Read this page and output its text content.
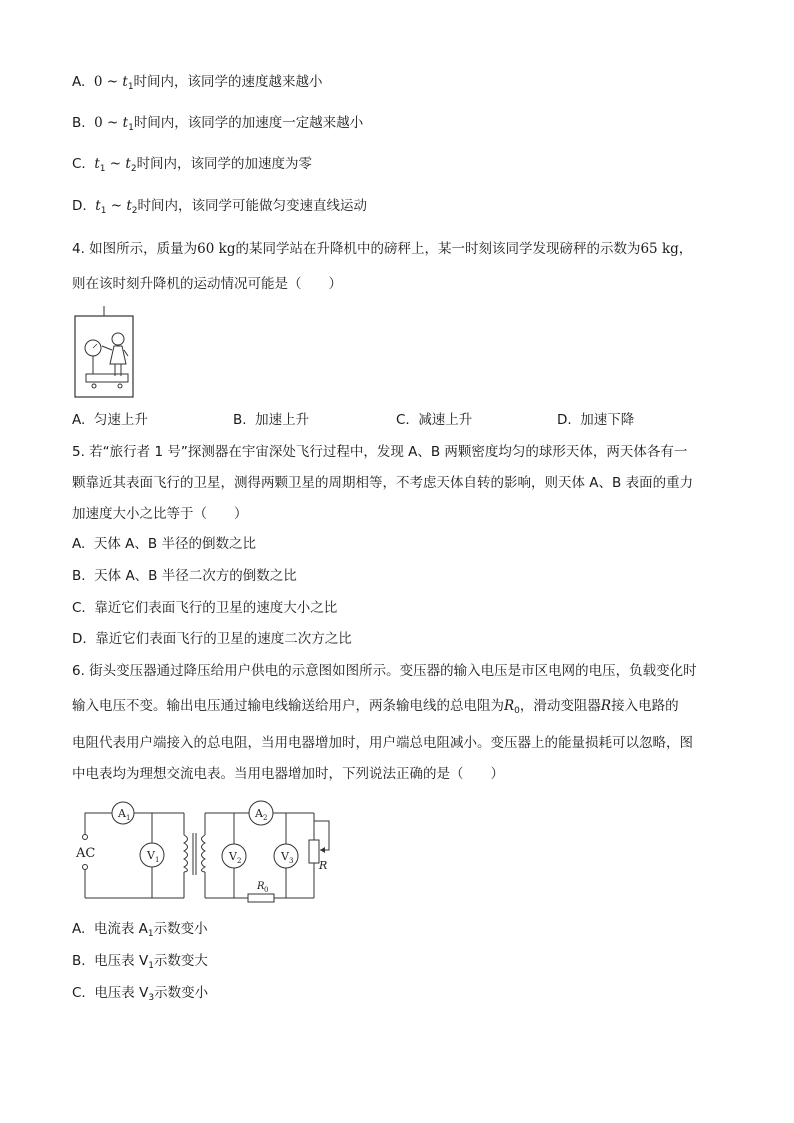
A. 0 ~ $t_1$时间内，该同学的速度越来越小
B. 0 ~ $t_1$时间内，该同学的加速度一定越来越小
C. $t_1$ ~ $t_2$时间内，该同学的加速度为零
D. $t_1$ ~ $t_2$时间内，该同学可能做匀变速直线运动
4. 如图所示，质量为60 kg的某同学站在升降机中的磅秤上，某一时刻该同学发现磅秤的示数为65 kg，
则在该时刻升降机的运动情况可能是（　　）
A. 匀速上升	B. 加速上升	C. 减速上升	D. 加速下降
5. 若“旅行者 1 号”探测器在宇宙深处飞行过程中，发现 A、B 两颗密度均匀的球形天体，两天体各有一
颗靠近其表面飞行的卫星，测得两颗卫星的周期相等，不考虑天体自转的影响，则天体 A、B 表面的重力
加速度大小之比等于（　　）
A. 天体 A、B 半径的倒数之比
B. 天体 A、B 半径二次方的倒数之比
C. 靠近它们表面飞行的卫星的速度大小之比
D. 靠近它们表面飞行的卫星的速度二次方之比
6. 街头变压器通过降压给用户供电的示意图如图所示。变压器的输入电压是市区电网的电压，负载变化时
输入电压不变。输出电压通过输电线输送给用户，两条输电线的总电阻为$R_0$，滑动变阻器R接入电路的
电阻代表用户端接入的总电阻，当用电器增加时，用户端总电阻减小。变压器上的能量损耗可以忽略，图
中电表均为理想交流电表。当用电器增加时，下列说法正确的是（　　）
AC
A 1
V 1
A 2
V 2	V 3 R
R 0
A. 电流表 $A_1$示数变小
B. 电压表 $V_1$示数变大
C. 电压表 $V_3$示数变小
